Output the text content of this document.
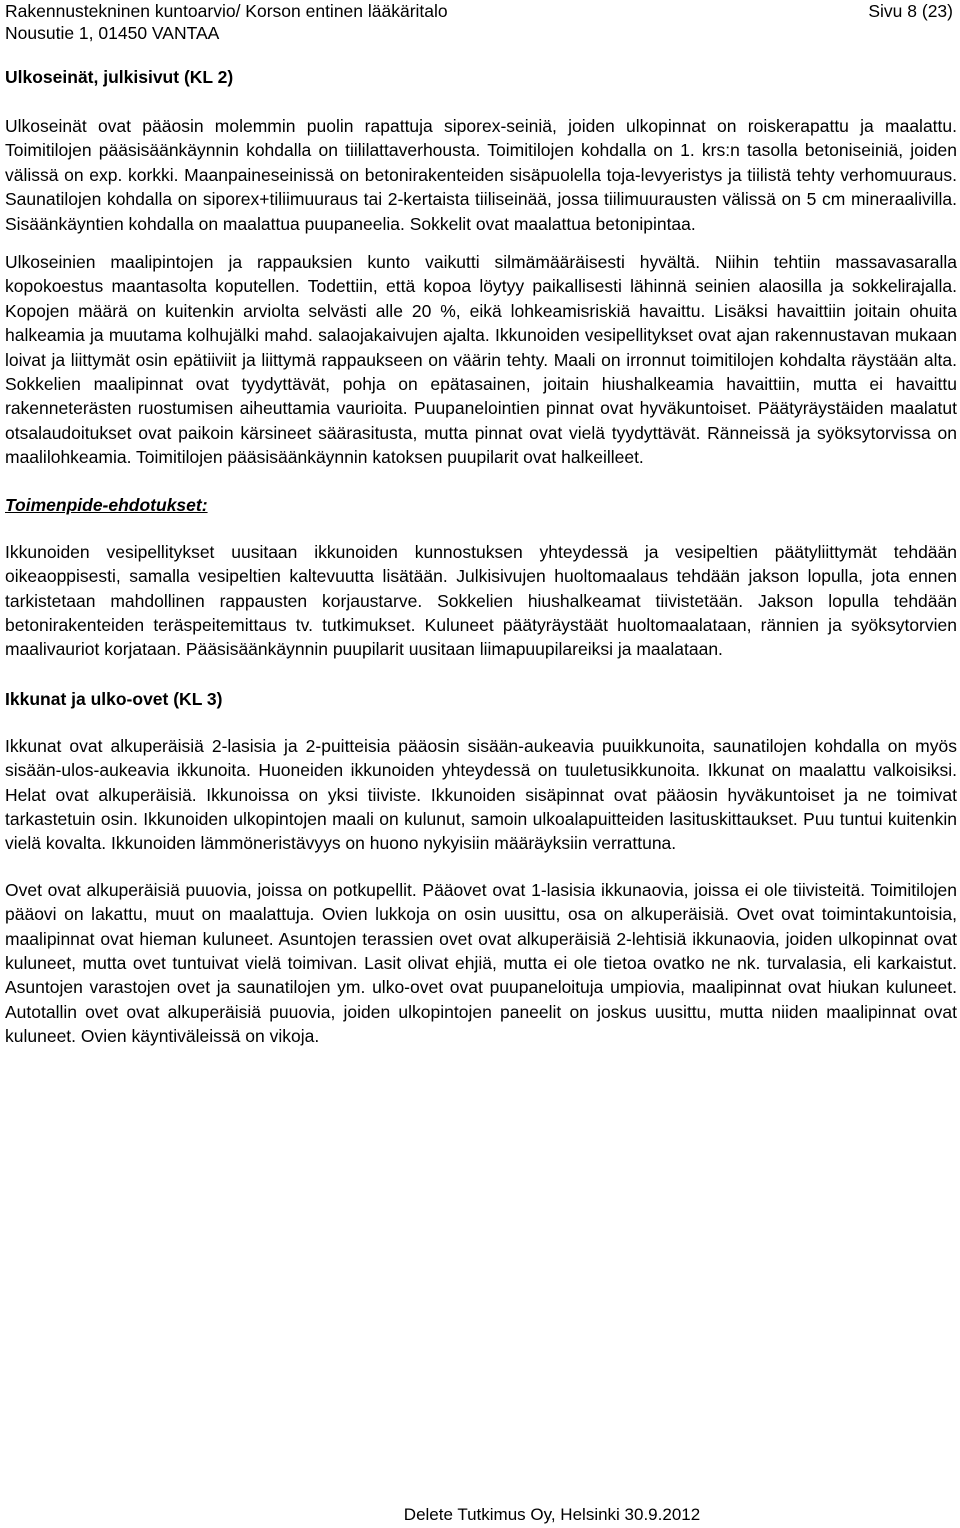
Rakennustekninen kuntoarvio/ Korson entinen lääkäritalo
Nousutie 1, 01450 VANTAA
Sivu 8 (23)
Ulkoseinät, julkisivut (KL 2)

Ulkoseinät ovat pääosin molemmin puolin rapattuja siporex-seiniä, joiden ulkopinnat on roiskerapattu ja maalattu. Toimitilojen pääsisäänkäynnin kohdalla on tiililattaverhousta. Toimitilojen kohdalla on 1. krs:n tasolla betoniseiniä, joiden välissä on exp. korkki. Maanpaineseinissä on betonirakenteiden sisäpuolella toja-levyeristys ja tiilistä tehty verhomuuraus. Saunatilojen kohdalla on siporex+tiliimuuraus tai 2-kertaista tiiliseinää, jossa tiilimuurausten välissä on 5 cm mineraalivilla. Sisäänkäyntien kohdalla on maalattua puupaneelia. Sokkelit ovat maalattua betonipintaa.

Ulkoseinien maalipintojen ja rappauksien kunto vaikutti silmämääräisesti hyvältä. Niihin tehtiin massavasaralla kopokoestus maantasolta koputellen. Todettiin, että kopoa löytyy paikallisesti lähinnä seinien alaosilla ja sokkelirajalla. Kopojen määrä on kuitenkin arviolta selvästi alle 20 %, eikä lohkeamisriskiä havaittu. Lisäksi havaittiin joitain ohuita halkeamia ja muutama kolhujälki mahd. salaojakaivujen ajalta. Ikkunoiden vesipellitykset ovat ajan rakennustavan mukaan loivat ja liittymät osin epätiiviit ja liittymä rappaukseen on väärin tehty. Maali on irronnut toimitilojen kohdalta räystään alta. Sokkelien maalipinnat ovat tyydyttävät, pohja on epätasainen, joitain hiushalkeamia havaittiin, mutta ei havaittu rakenneterästen ruostumisen aiheuttamia vaurioita. Puupanelointien pinnat ovat hyväkuntoiset. Päätyräystäiden maalatut otsalaudoitukset ovat paikoin kärsineet säärasitusta, mutta pinnat ovat vielä tyydyttävät. Ränneissä ja syöksytorvissa on maalilohkeamia. Toimitilojen pääsisäänkäynnin katoksen puupilarit ovat halkeilleet.

Toimenpide-ehdotukset:

Ikkunoiden vesipellitykset uusitaan ikkunoiden kunnostuksen yhteydessä ja vesipeltien päätyliittymät tehdään oikeaoppisesti, samalla vesipeltien kaltevuutta lisätään. Julkisivujen huoltomaalaus tehdään jakson lopulla, jota ennen tarkistetaan mahdollinen rappausten korjaustarve. Sokkelien hiushalkeamat tiivistetään. Jakson lopulla tehdään betonirakenteiden teräspeitemittaus tv. tutkimukset. Kuluneet päätyräystäät huoltomaalataan, rännien ja syöksytorvien maalivauriot korjataan. Pääsisäänkäynnin puupilarit uusitaan liimapuupilareiksi ja maalataan.

Ikkunat ja ulko-ovet (KL 3)

Ikkunat ovat alkuperäisiä 2-lasisia ja 2-puitteisia pääosin sisään-aukeavia puuikkunoita, saunatilojen kohdalla on myös sisään-ulos-aukeavia ikkunoita. Huoneiden ikkunoiden yhteydessä on tuuletusikkunoita. Ikkunat on maalattu valkoisiksi. Helat ovat alkuperäisiä. Ikkunoissa on yksi tiiviste. Ikkunoiden sisäpinnat ovat pääosin hyväkuntoiset ja ne toimivat tarkastetuin osin. Ikkunoiden ulkopintojen maali on kulunut, samoin ulkoalapuitteiden lasituskittaukset. Puu tuntui kuitenkin vielä kovalta. Ikkunoiden lämmöneristävyys on huono nykyisiin määräyksiin verrattuna.

Ovet ovat alkuperäisiä puuovia, joissa on potkupellit. Pääovet ovat 1-lasisia ikkunaovia, joissa ei ole tiivisteitä. Toimitilojen pääovi on lakattu, muut on maalattuja. Ovien lukkoja on osin uusittu, osa on alkuperäisiä. Ovet ovat toimintakuntoisia, maalipinnat ovat hieman kuluneet. Asuntojen terassien ovet ovat alkuperäisiä 2-lehtisiä ikkunaovia, joiden ulkopinnat ovat kuluneet, mutta ovet tuntuivat vielä toimivan. Lasit olivat ehjiä, mutta ei ole tietoa ovatko ne nk. turvalasia, eli karkaistut. Asuntojen varastojen ovet ja saunatilojen ym. ulko-ovet ovat puupaneloituja umpiovia, maalipinnat ovat hiukan kuluneet. Autotallin ovet ovat alkuperäisiä puuovia, joiden ulkopintojen paneelit on joskus uusittu, mutta niiden maalipinnat ovat kuluneet. Ovien käyntiväleissä on vikoja.

Delete Tutkimus Oy, Helsinki 30.9.2012
